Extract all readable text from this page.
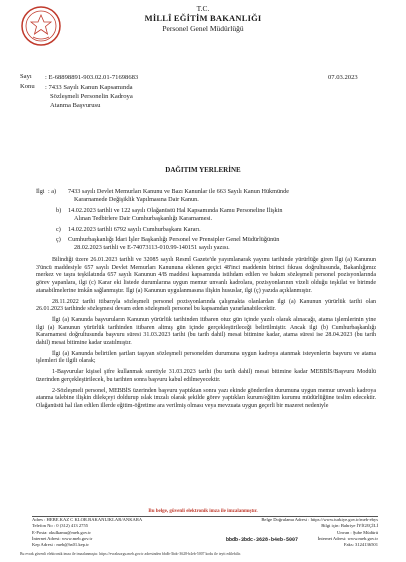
T.C.
MİLLÎ EĞİTİM BAKANLIĞI
Personel Genel Müdürlüğü
Sayı : E-68898891-903.02.01-71698683	07.03.2023
Konu : 7433 Sayılı Kanun Kapsamında
Sözleşmeli Personelin Kadroya
Atanma Başvurusu
DAĞITIM YERLERİNE
İlgi : a) 7433 sayılı Devlet Memurları Kanunu ve Bazı Kanunlar ile 663 Sayılı Kanun Hükmünde
Kararnamede Değişiklik Yapılmasına Dair Kanun.
b) 14.02.2023 tarihli ve 122 sayılı Olağanüstü Hal Kapsamında Kamu Personeline İlişkin
Alınan Tedbirlere Dair Cumhurbaşkanlığı Kararnamesi.
c) 14.02.2023 tarihli 6792 sayılı Cumhurbaşkanı Kararı.
ç) Cumhurbaşkanlığı İdari İşler Başkanlığı Personel ve Prensipler Genel Müdürlüğünün
28.02.2023 tarihli ve E-74073113-010.99-140151 sayılı yazısı.

Bilindiği üzere 26.01.2023 tarihli ve 32085 sayılı Resmî Gazete'de yayımlanarak yayımı tarihinde yürürlüğe giren İlgi (a) Kanunun 3'üncü maddesiyle 657 sayılı Devlet Memurları Kanununa eklenen geçici 48'inci maddenin birinci fıkrası doğrultusunda, Bakanlığımız merkez ve taşra teşkilatında 657 sayılı Kanunun 4/B maddesi kapsamında istihdam edilen ve bakım sözleşmeli personel pozisyonlarında görev yapanlara, ilgi (c) Karar eki listede durumlarına uygun memur unvanlı kadrolara, pozisyonlarının vizeli olduğu teşkilat ve birimde atanabilmelerine imkân sağlanmıştır. İlgi (a) Kanunun uygulanmasına ilişkin hususlar, ilgi (ç) yazıda açıklanmıştır.

28.11.2022 tarihi itibarıyla sözleşmeli personel pozisyonlarında çalışmakta olanlardan ilgi (a) Kanunun yürürlük tarihi olan 26.01.2023 tarihinde sözleşmesi devam eden sözleşmeli personel bu kapsamdan yararlanabilecektir.

İlgi (a) Kanunda başvuruların Kanunun yürürlük tarihinden itibaren otuz gün içinde yazılı olarak alınacağı, atama işlemlerinin yine ilgi (a) Kanunun yürürlük tarihinden itibaren altmış gün içinde gerçekleştirileceği belirtilmiştir. Ancak ilgi (b) Cumhurbaşkanlığı Kararnamesi doğrultusunda başvuru süresi 31.03.2023 tarihi (bu tarih dahil) mesai bitimine kadar, atama süresi ise 28.04.2023 (bu tarih dahil) mesai bitimine kadar uzatılmıştır.

İlgi (a) Kanunda belirtilen şartları taşıyan sözleşmeli personelden durumuna uygun kadroya atanmak isteyenlerin başvuru ve atama işlemleri ile ilgili olarak;

1-Başvurular kişisel şifre kullanmak suretiyle 31.03.2023 tarihi (bu tarih dahil) mesai bitimine kadar MEBBİS/Başvuru Modülü üzerinden gerçekleştirilecek, bu tarihten sonra başvuru kabul edilmeyecektir.

2-Sözleşmeli personel, MEBBİS üzerinden başvuru yaptıktan sonra yazı ekinde gönderilen durumuna uygun memur unvanlı kadroya atanma talebine ilişkin dilekçeyi doldurup ıslak imzalı olarak şekilde görev yaptıkları kurum/eğitim kurumu müdürlüğüne teslim edecektir. Olağanüstü hal ilan edilen illerde eğitim-öğretime ara verilmiş olması veya mevzuata uygun geçerli bir mazeret nedeniyle

Bu belge, güvenli elektronik imza ile imzalanmıştır.
Adres : HEBE.KAZ C KLOR.BAKANLIKLAR/ANKARA
Telefon No : 0 (312) 413 2755
E-Posta: okulkamu@meb.gov.tr
İnternet Adresi: www.meb.gov.tr
Kep Adresi : meb@hs01.kep.tr
Belge Doğrulama Adresi : https://www.turkiye.gov.tr/meb-ebys
Bilgi için: Bahriye İYİGEÇİLİ
Unvan : Şube Müdürü
İnternet Adresi: www.meb.gov.tr
Faks: 3124136501
bbdb-3bdc-3628-b4eb-5007
Bu evrak güvenli elektronik imza ile imzalanmıştır. https://evraksorgu.meb.gov.tr adresinden bbdb-3bdc-3628-b4eb-5007 kodu ile teyit edilebilir.
